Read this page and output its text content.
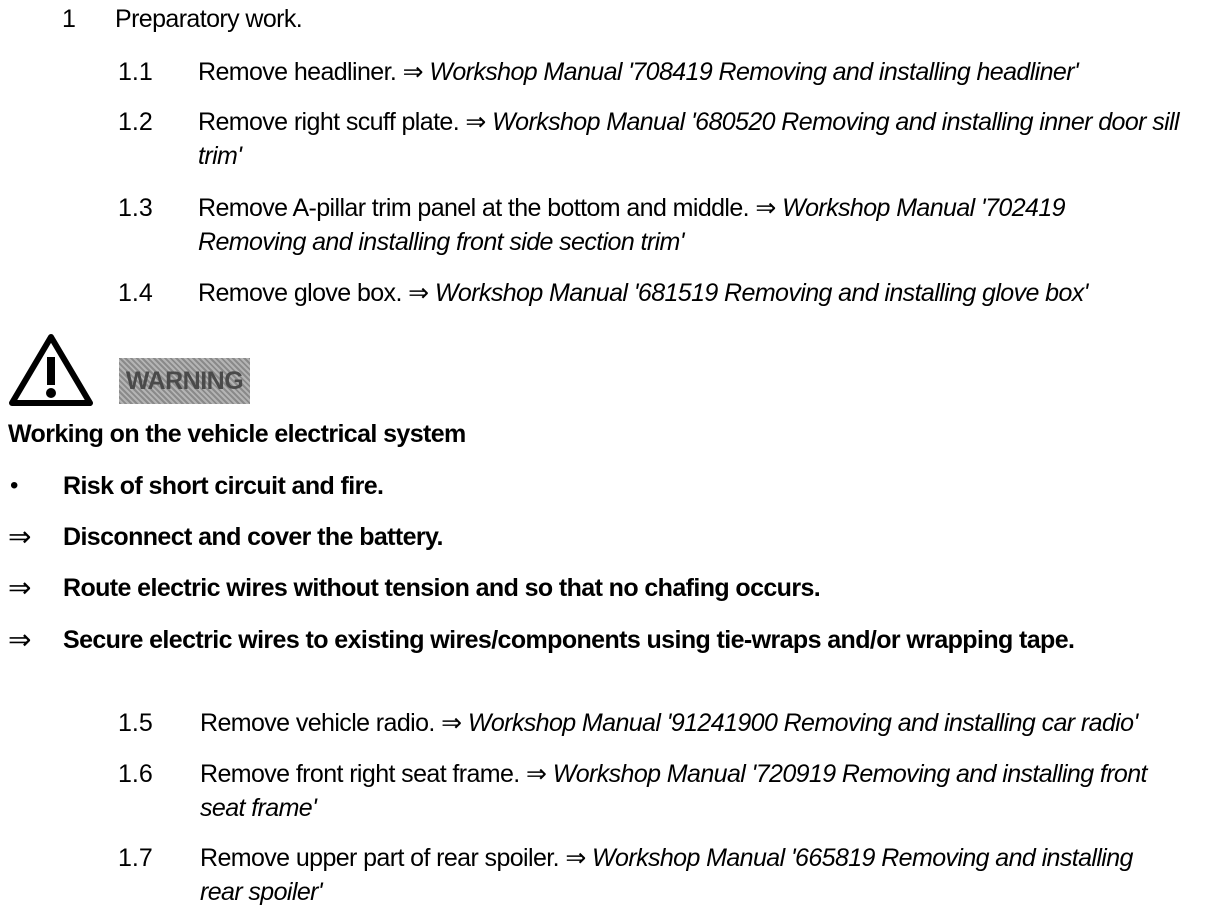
1 Preparatory work.
1.1 Remove headliner. ⇒ Workshop Manual '708419 Removing and installing headliner'
1.2 Remove right scuff plate. ⇒ Workshop Manual '680520 Removing and installing inner door sill trim'
1.3 Remove A-pillar trim panel at the bottom and middle. ⇒ Workshop Manual '702419 Removing and installing front side section trim'
1.4 Remove glove box. ⇒ Workshop Manual '681519 Removing and installing glove box'
WARNING
Working on the vehicle electrical system
• Risk of short circuit and fire.
⇒ Disconnect and cover the battery.
⇒ Route electric wires without tension and so that no chafing occurs.
⇒ Secure electric wires to existing wires/components using tie-wraps and/or wrapping tape.
1.5 Remove vehicle radio. ⇒ Workshop Manual '91241900 Removing and installing car radio'
1.6 Remove front right seat frame. ⇒ Workshop Manual '720919 Removing and installing front seat frame'
1.7 Remove upper part of rear spoiler. ⇒ Workshop Manual '665819 Removing and installing rear spoiler'
